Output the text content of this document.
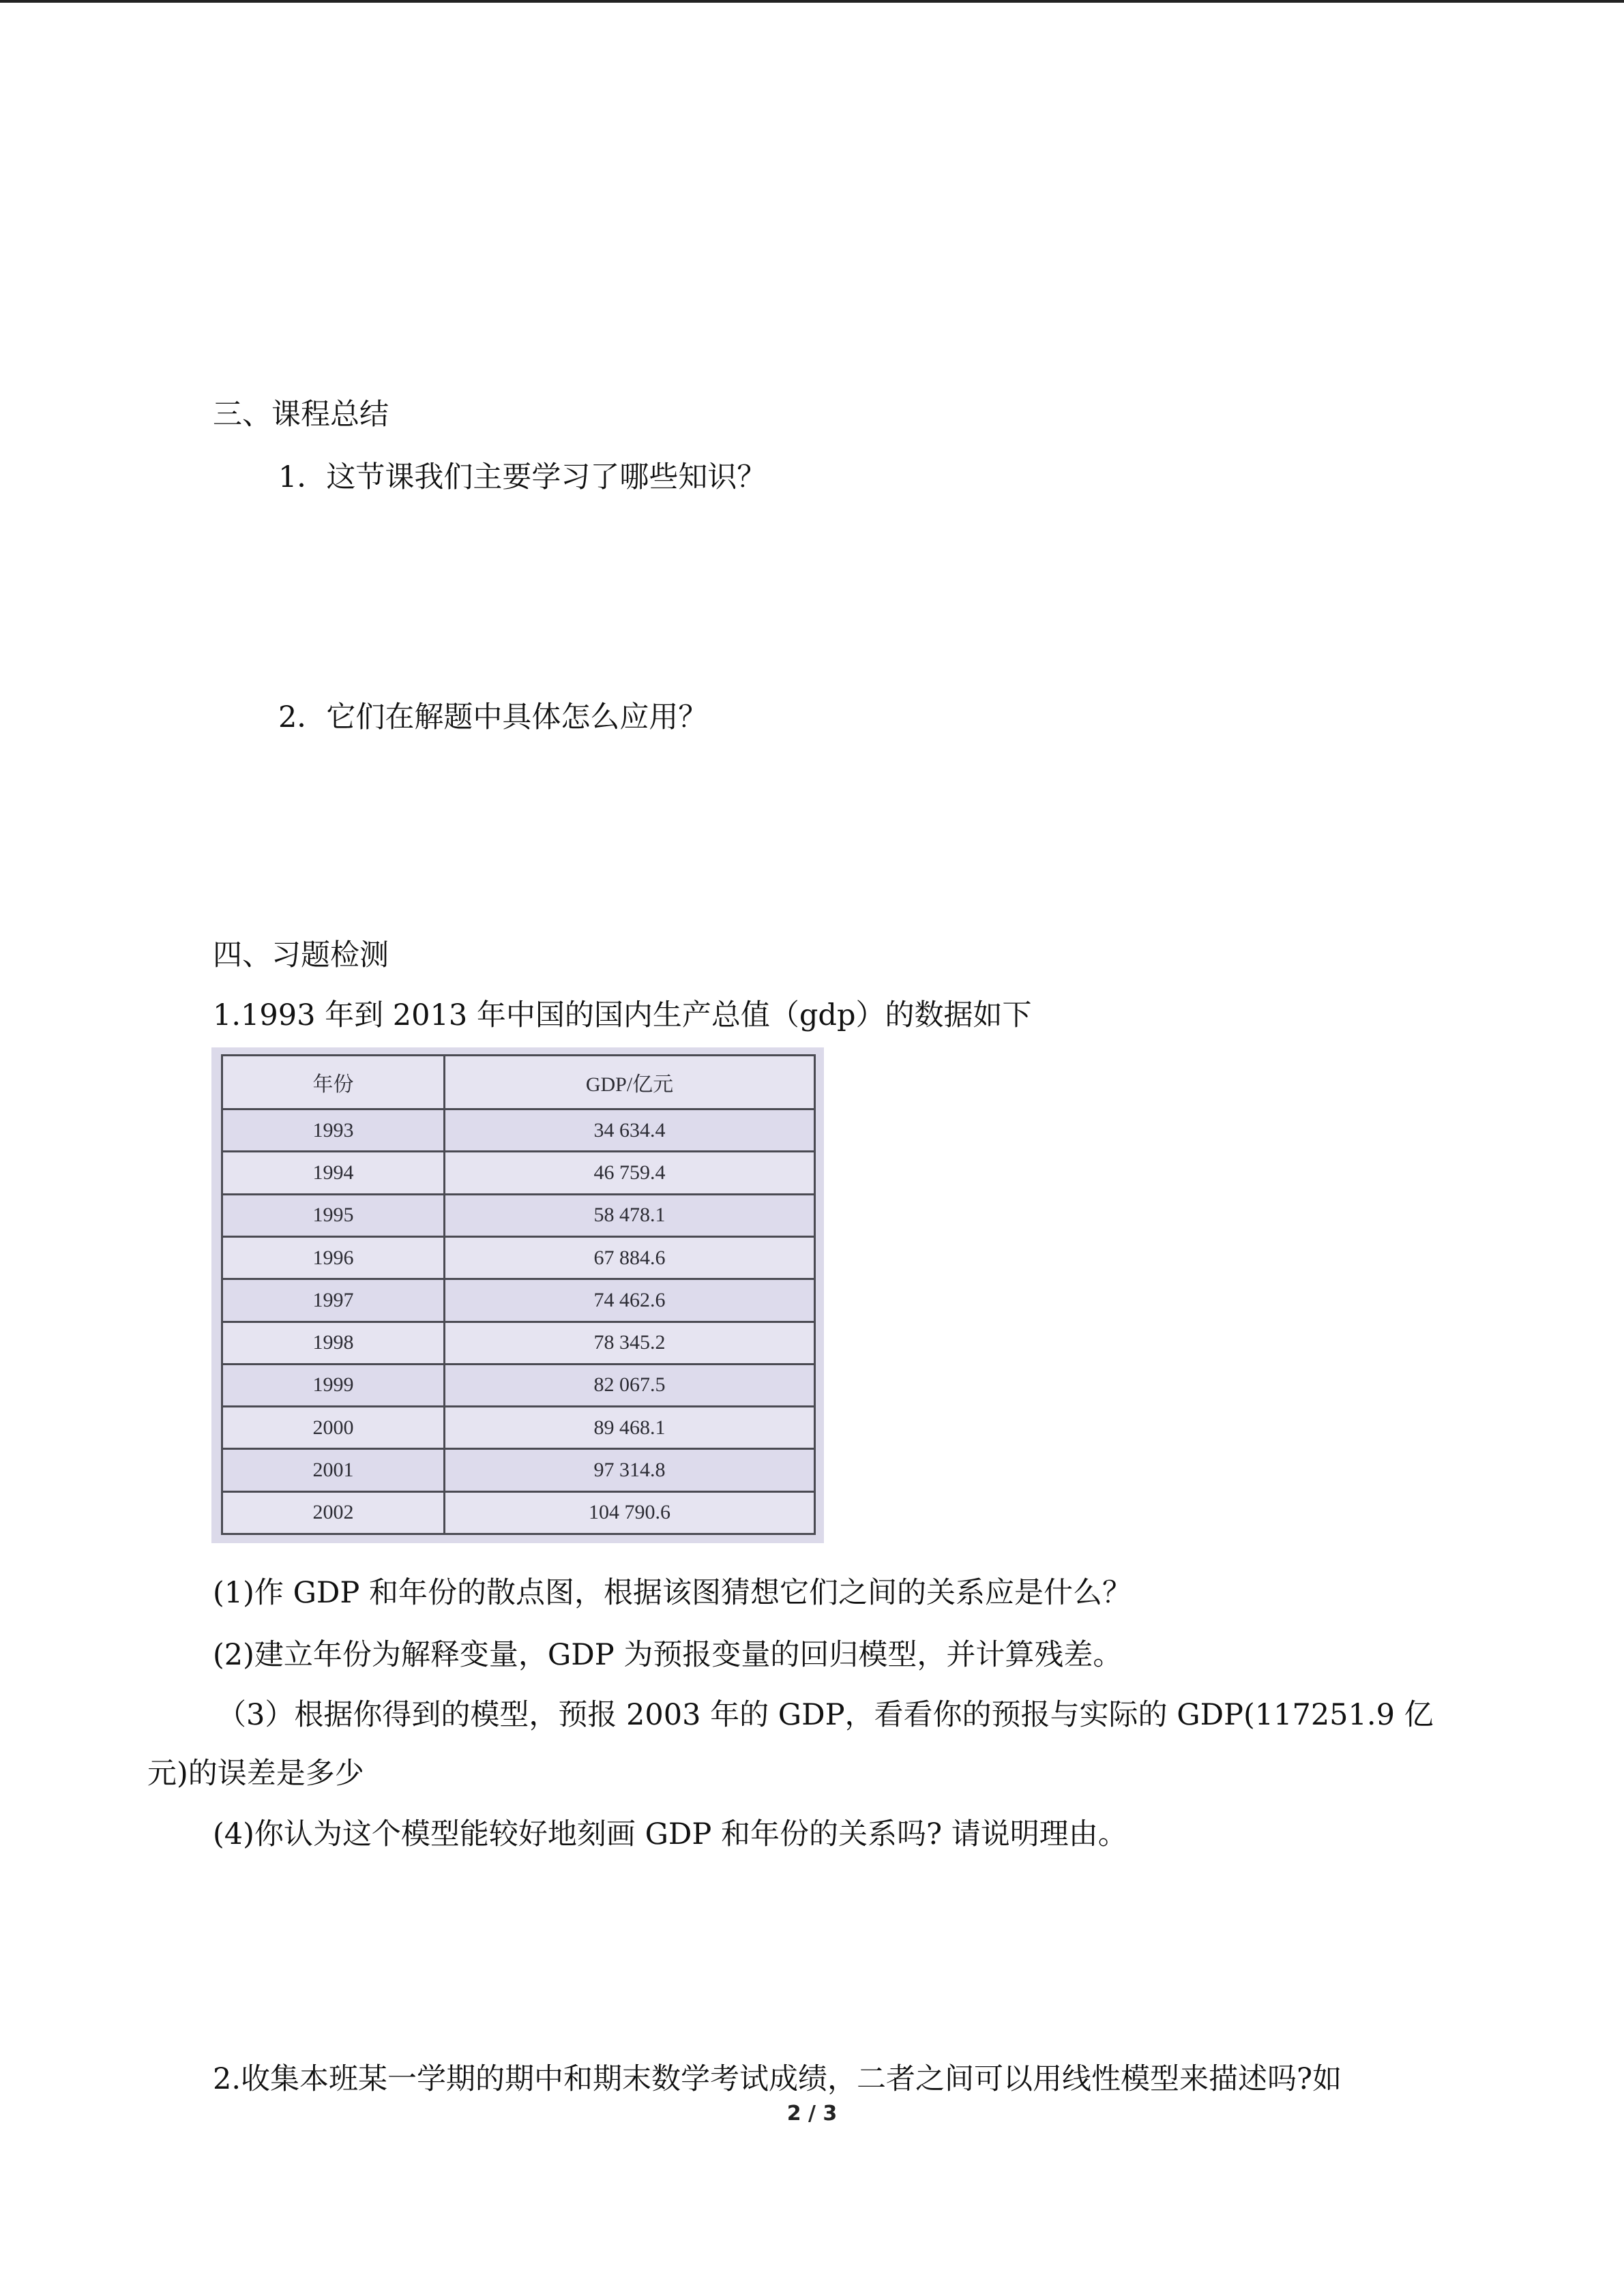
三、课程总结
1．这节课我们主要学习了哪些知识？
2．它们在解题中具体怎么应用？
四、习题检测
1.1993 年到 2013 年中国的国内生产总值（gdp）的数据如下
年份	GDP/亿元
1993	34 634.4
1994	46 759.4
1995	58 478.1
1996	67 884.6
1997	74 462.6
1998	78 345.2
1999	82 067.5
2000	89 468.1
2001	97 314.8
2002	104 790.6
(1)作 GDP 和年份的散点图，根据该图猜想它们之间的关系应是什么？
(2)建立年份为解释变量，GDP 为预报变量的回归模型，并计算残差。
（3）根据你得到的模型，预报 2003 年的 GDP，看看你的预报与实际的 GDP(117251.9 亿
元)的误差是多少
(4)你认为这个模型能较好地刻画 GDP 和年份的关系吗? 请说明理由。
2.收集本班某一学期的期中和期末数学考试成绩，二者之间可以用线性模型来描述吗?如
2 / 3
